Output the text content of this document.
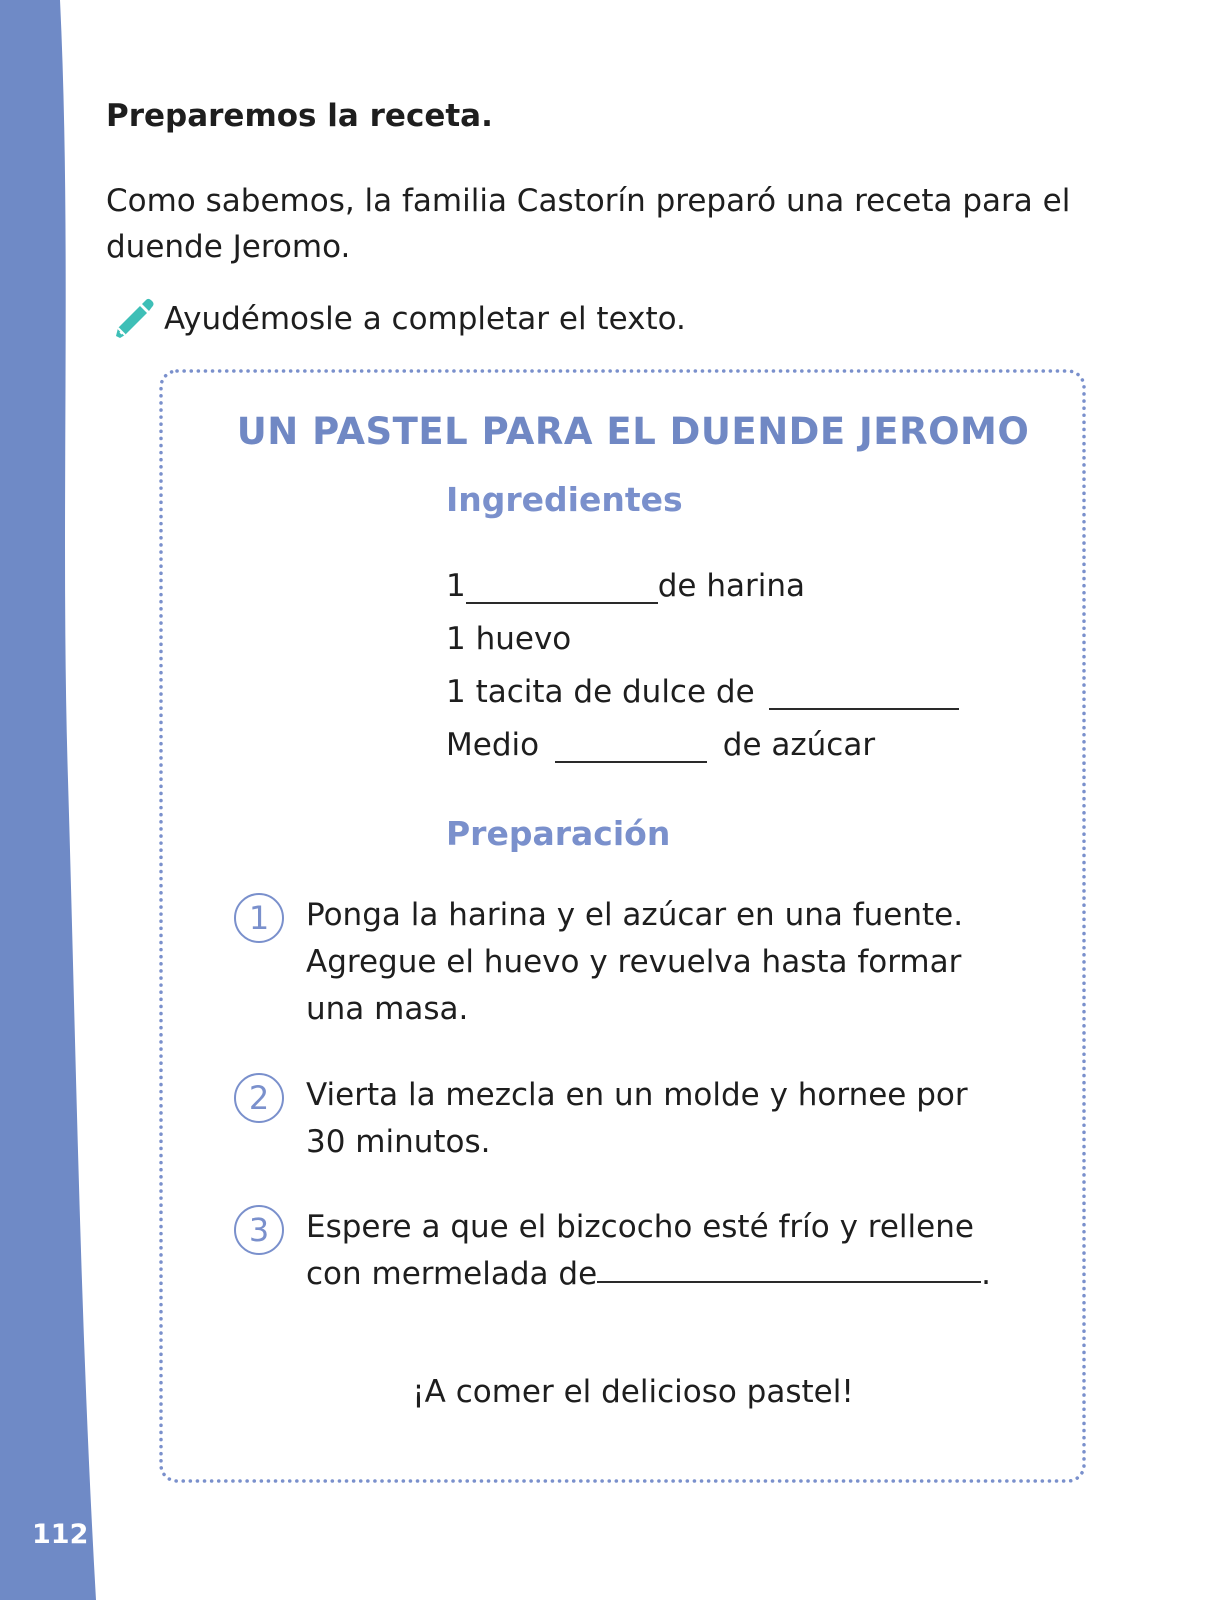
112
Preparemos la receta.

Como sabemos, la familia Castorín preparó una receta para el duende Jeromo.

Ayudémosle a completar el texto.
UN PASTEL PARA EL DUENDE JEROMO
Ingredientes
1	de harina
1 huevo
1 tacita de dulce de
Medio	de azúcar
Preparación
1	Ponga la harina y el azúcar en una fuente. Agregue el huevo y revuelva hasta formar una masa.
2	Vierta la mezcla en un molde y hornee por 30 minutos.
3	Espere a que el bizcocho esté frío y rellene con mermelada de	.

¡A comer el delicioso pastel!
